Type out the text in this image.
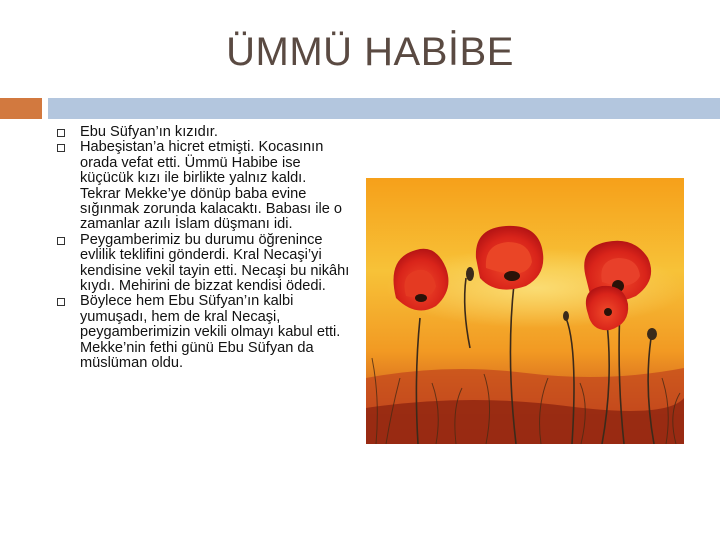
ÜMMÜ HABİBE
Ebu Süfyan’ın kızıdır.
Habeşistan’a hicret etmişti. Kocasının orada vefat etti. Ümmü Habibe ise küçücük kızı ile birlikte yalnız kaldı. Tekrar Mekke’ye dönüp baba evine sığınmak zorunda kalacaktı. Babası ile o zamanlar azılı İslam düşmanı idi.
Peygamberimiz bu durumu öğrenince evlilik teklifini gönderdi. Kral Necaşi’yi kendisine vekil tayin etti. Necaşi bu nikâhı kıydı. Mehirini de bizzat kendisi ödedi.
Böylece hem Ebu Süfyan’ın kalbi yumuşadı, hem de kral Necaşi, peygamberimizin vekili olmayı kabul etti. Mekke’nin fethi günü Ebu Süfyan da müslüman oldu.
